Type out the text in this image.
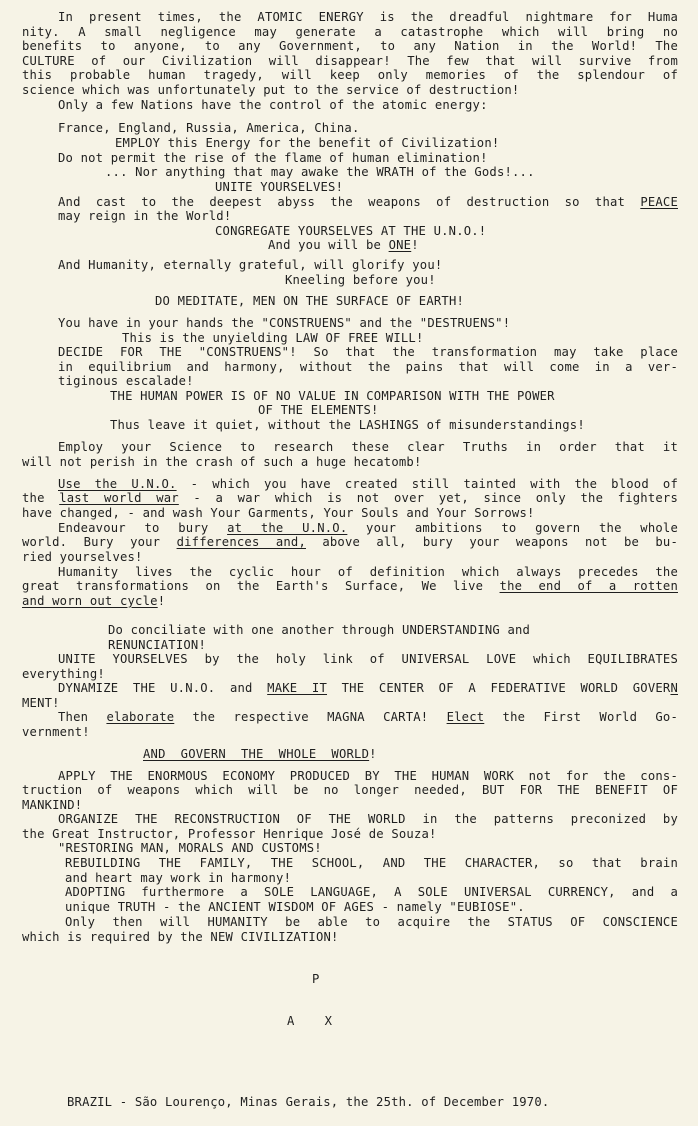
In present times, the ATOMIC ENERGY is the dreadful nightmare for Huma
nity. A small negligence may generate a catastrophe which will bring no
benefits to anyone, to any Government, to any Nation in the World! The
CULTURE of our Civilization will disappear! The few that will survive from
this probable human tragedy, will keep only memories of the splendour of
science which was unfortunately put to the service of destruction!
Only a few Nations have the control of the atomic energy:
France, England, Russia, America, China.
EMPLOY this Energy for the benefit of Civilization!
Do not permit the rise of the flame of human elimination!
... Nor anything that may awake the WRATH of the Gods!...
UNITE YOURSELVES!
And cast to the deepest abyss the weapons of destruction so that PEACE
may reign in the World!
CONGREGATE YOURSELVES AT THE U.N.O.!
And you will be ONE!
And Humanity, eternally grateful, will glorify you!
Kneeling before you!
DO MEDITATE, MEN ON THE SURFACE OF EARTH!
You have in your hands the "CONSTRUENS" and the "DESTRUENS"!
This is the unyielding LAW OF FREE WILL!
DECIDE FOR THE "CONSTRUENS"! So that the transformation may take place
in equilibrium and harmony, without the pains that will come in a ver-
tiginous escalade!
THE HUMAN POWER IS OF NO VALUE IN COMPARISON WITH THE POWER
OF THE ELEMENTS!
Thus leave it quiet, without the LASHINGS of misunderstandings!
Employ your Science to research these clear Truths in order that it
will not perish in the crash of such a huge hecatomb!
Use the U.N.O. - which you have created still tainted with the blood of
the last world war - a war which is not over yet, since only the fighters
have changed, - and wash Your Garments, Your Souls and Your Sorrows!
Endeavour to bury at the U.N.O. your ambitions to govern the whole
world. Bury your differences and, above all, bury your weapons not be bu-
ried yourselves!
Humanity lives the cyclic hour of definition which always precedes the
great transformations on the Earth's Surface, We live the end of a rotten
and worn out cycle!
Do conciliate with one another through UNDERSTANDING and
RENUNCIATION!
UNITE YOURSELVES by the holy link of UNIVERSAL LOVE which EQUILIBRATES
everything!
DYNAMIZE THE U.N.O. and MAKE IT THE CENTER OF A FEDERATIVE WORLD GOVERN
MENT!
Then elaborate the respective MAGNA CARTA! Elect the First World Go-
vernment!
AND  GOVERN  THE  WHOLE  WORLD!
APPLY THE ENORMOUS ECONOMY PRODUCED BY THE HUMAN WORK not for the cons-
truction of weapons which will be no longer needed, BUT FOR THE BENEFIT OF
MANKIND!
ORGANIZE THE RECONSTRUCTION OF THE WORLD in the patterns preconized by
the Great Instructor, Professor Henrique José de Souza!
"RESTORING MAN, MORALS AND CUSTOMS!
REBUILDING THE FAMILY, THE SCHOOL, AND THE CHARACTER, so that brain
and heart may work in harmony!
ADOPTING furthermore a SOLE LANGUAGE, A SOLE UNIVERSAL CURRENCY, and a
unique TRUTH - the ANCIENT WISDOM OF AGES - namely "EUBIOSE".
Only then will HUMANITY be able to acquire the STATUS OF CONSCIENCE
which is required by the NEW CIVILIZATION!
P
A    X
BRAZIL - São Lourenço, Minas Gerais, the 25th. of December 1970.
